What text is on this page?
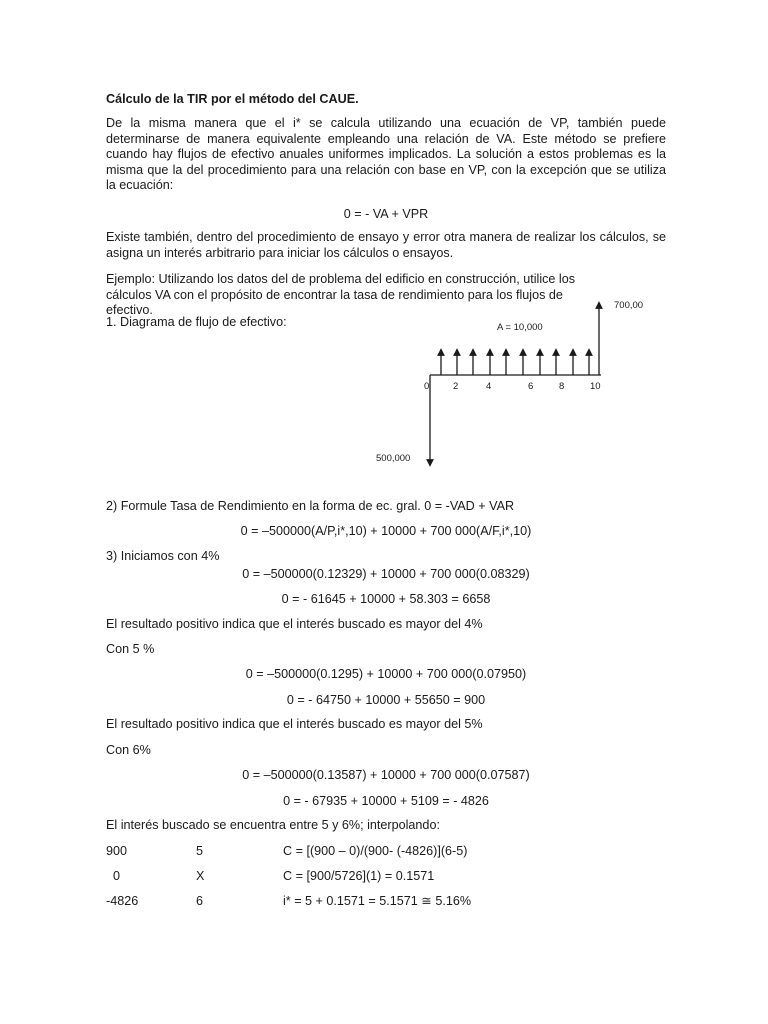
Cálculo de la TIR por el método del CAUE.
De la misma manera que el i* se calcula utilizando una ecuación de VP, también puede determinarse de manera equivalente empleando una relación de VA. Este método se prefiere cuando hay flujos de efectivo anuales uniformes implicados. La solución a estos problemas es la misma que la del procedimiento para una relación con base en VP, con la excepción que se utiliza la ecuación:
0 = - VA + VPR
Existe también, dentro del procedimiento de ensayo y error otra manera de realizar los cálculos, se asigna un interés arbitrario para iniciar los cálculos o ensayos.
Ejemplo: Utilizando los datos del de problema del edificio en construcción, utilice los cálculos VA con el propósito de encontrar la tasa de rendimiento para los flujos de efectivo.
1. Diagrama de flujo de efectivo:	A = 10,000
700,00
500,000
0 2	4	6	8	10
2) Formule Tasa de Rendimiento en la forma de ec. gral. 0 = -VAD + VAR
0 = –500000(A/P,i*,10) + 10000 + 700 000(A/F,i*,10)
3) Iniciamos con 4%
0 = –500000(0.12329) + 10000 + 700 000(0.08329)
0 = - 61645 + 10000 + 58.303 = 6658
El resultado positivo indica que el interés buscado es mayor del 4%
Con 5 %
0 = –500000(0.1295) + 10000 + 700 000(0.07950)
0 = - 64750 + 10000 + 55650 = 900
El resultado positivo indica que el interés buscado es mayor del 5%
Con 6%
0 = –500000(0.13587) + 10000 + 700 000(0.07587)
0 = - 67935 + 10000 + 5109 = - 4826
El interés buscado se encuentra entre 5 y 6%; interpolando:
900	5	C = [(900 – 0)/(900- (-4826)](6-5)
0	X	C = [900/5726](1) = 0.1571
-4826	6	i* = 5 + 0.1571 = 5.1571 ≅ 5.16%
